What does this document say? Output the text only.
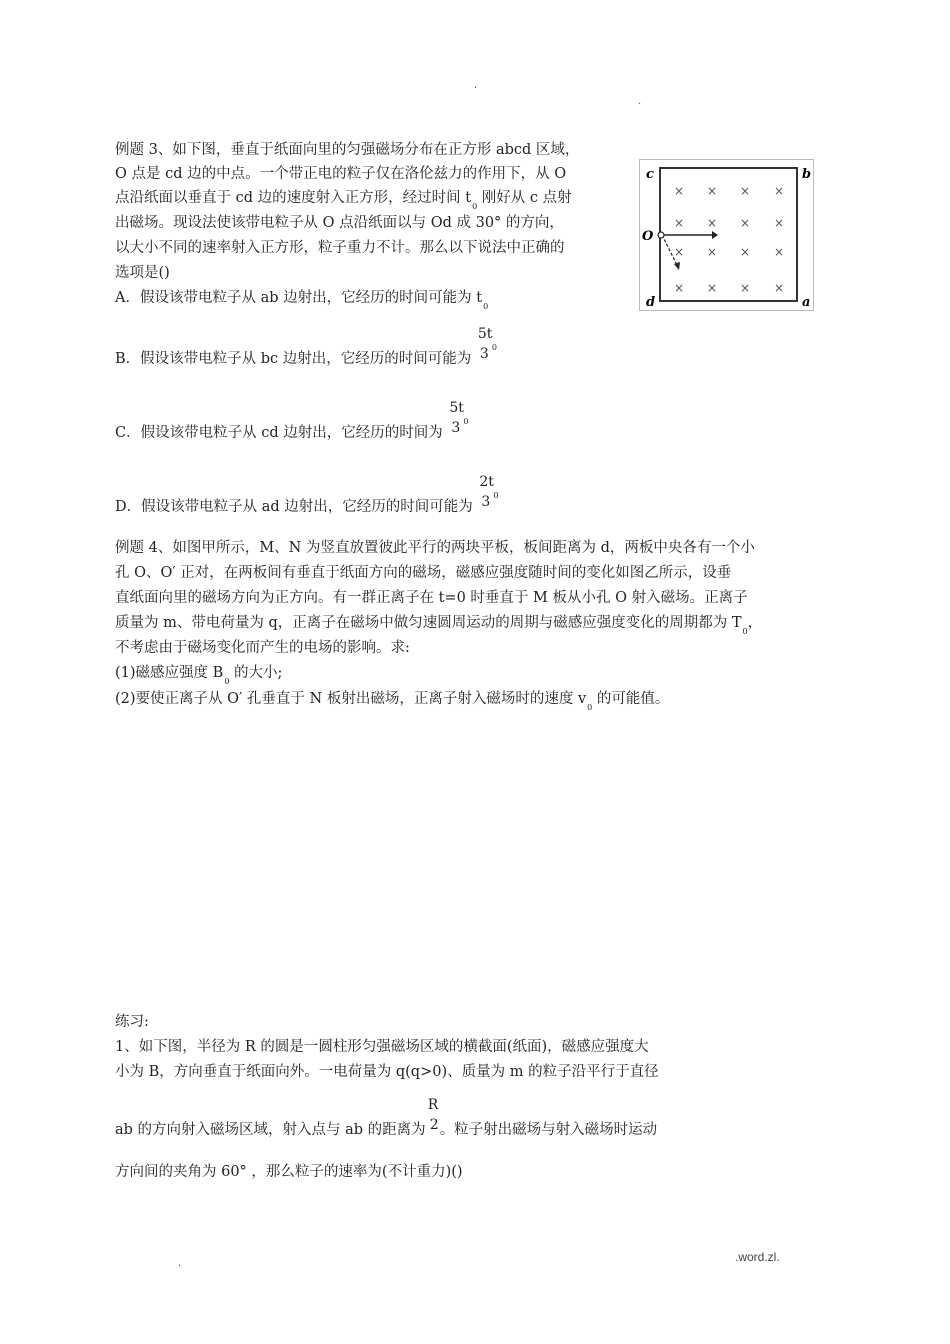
.
.
例题 3、如下图，垂直于纸面向里的匀强磁场分布在正方形 abcd 区域，
O 点是 cd 边的中点。一个带正电的粒子仅在洛伦兹力的作用下，从 O
点沿纸面以垂直于 cd 边的速度射入正方形，经过时间 $t_0$ 刚好从 c 点射
出磁场。现设法使该带电粒子从 O 点沿纸面以与 Od 成 30° 的方向，
以大小不同的速率射入正方形，粒子重力不计。那么以下说法中正确的
选项是()
A．假设该带电粒子从 ab 边射出，它经历的时间可能为 $t_0$
B．假设该带电粒子从 bc 边射出，它经历的时间可能为
5t
3 0
C．假设该带电粒子从 cd 边射出，它经历的时间为
5t
3 0
D．假设该带电粒子从 ad 边射出，它经历的时间可能为
2t
3 0
× × × ×
× × × ×
× × × ×
× × × ×
c	b
d	a
O
例题 4、如图甲所示，M、N 为竖直放置彼此平行的两块平板，板间距离为 d，两板中央各有一个小
孔 O、O′ 正对，在两板间有垂直于纸面方向的磁场，磁感应强度随时间的变化如图乙所示，设垂
直纸面向里的磁场方向为正方向。有一群正离子在 t=0 时垂直于 M 板从小孔 O 射入磁场。正离子
质量为 m、带电荷量为 q，正离子在磁场中做匀速圆周运动的周期与磁感应强度变化的周期都为 $T_0$，
不考虑由于磁场变化而产生的电场的影响。求:
(1)磁感应强度 $B_0$ 的大小;
(2)要使正离子从 O′ 孔垂直于 N 板射出磁场，正离子射入磁场时的速度 $v_0$ 的可能值。
练习:
1、如下图，半径为 R 的圆是一圆柱形匀强磁场区域的横截面(纸面)，磁感应强度大
小为 B，方向垂直于纸面向外。一电荷量为 q(q>0)、质量为 m 的粒子沿平行于直径
ab 的方向射入磁场区域，射入点与 ab 的距离为
R
2 。粒子射出磁场与射入磁场时运动
方向间的夹角为 60° ，那么粒子的速率为(不计重力)()
.	.word.zl.
